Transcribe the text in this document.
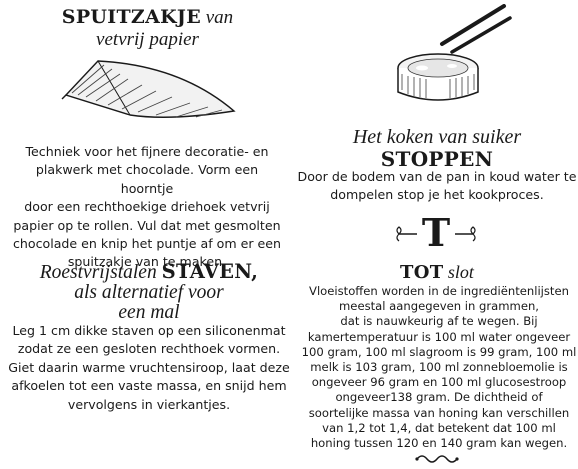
SPUITZAKJE van
vetvrij papier
Techniek voor het fijnere decoratie- en
plakwerk met chocolade. Vorm een hoorntje
door een rechthoekige driehoek vetvrij
papier op te rollen. Vul dat met gesmolten
chocolade en knip het puntje af om er een
spuitzakje van te maken.
Roestvrijstalen STAVEN,
als alternatief voor
een mal
Leg 1 cm dikke staven op een siliconenmat
zodat ze een gesloten rechthoek vormen.
Giet daarin warme vruchtensiroop, laat deze
afkoelen tot een vaste massa, en snijd hem
vervolgens in vierkantjes.
Het koken van suiker
STOPPEN
Door de bodem van de pan in koud water te
dompelen stop je het kookproces.
T
TOT slot
Vloeistoffen worden in de ingrediëntenlijsten
meestal aangegeven in grammen,
dat is nauwkeurig af te wegen. Bij
kamertemperatuur is 100 ml water ongeveer
100 gram, 100 ml slagroom is 99 gram, 100 ml
melk is 103 gram, 100 ml zonnebloemolie is
ongeveer 96 gram en 100 ml glucosestroop
ongeveer138 gram. De dichtheid of
soortelijke massa van honing kan verschillen
van 1,2 tot 1,4, dat betekent dat 100 ml
honing tussen 120 en 140 gram kan wegen.
